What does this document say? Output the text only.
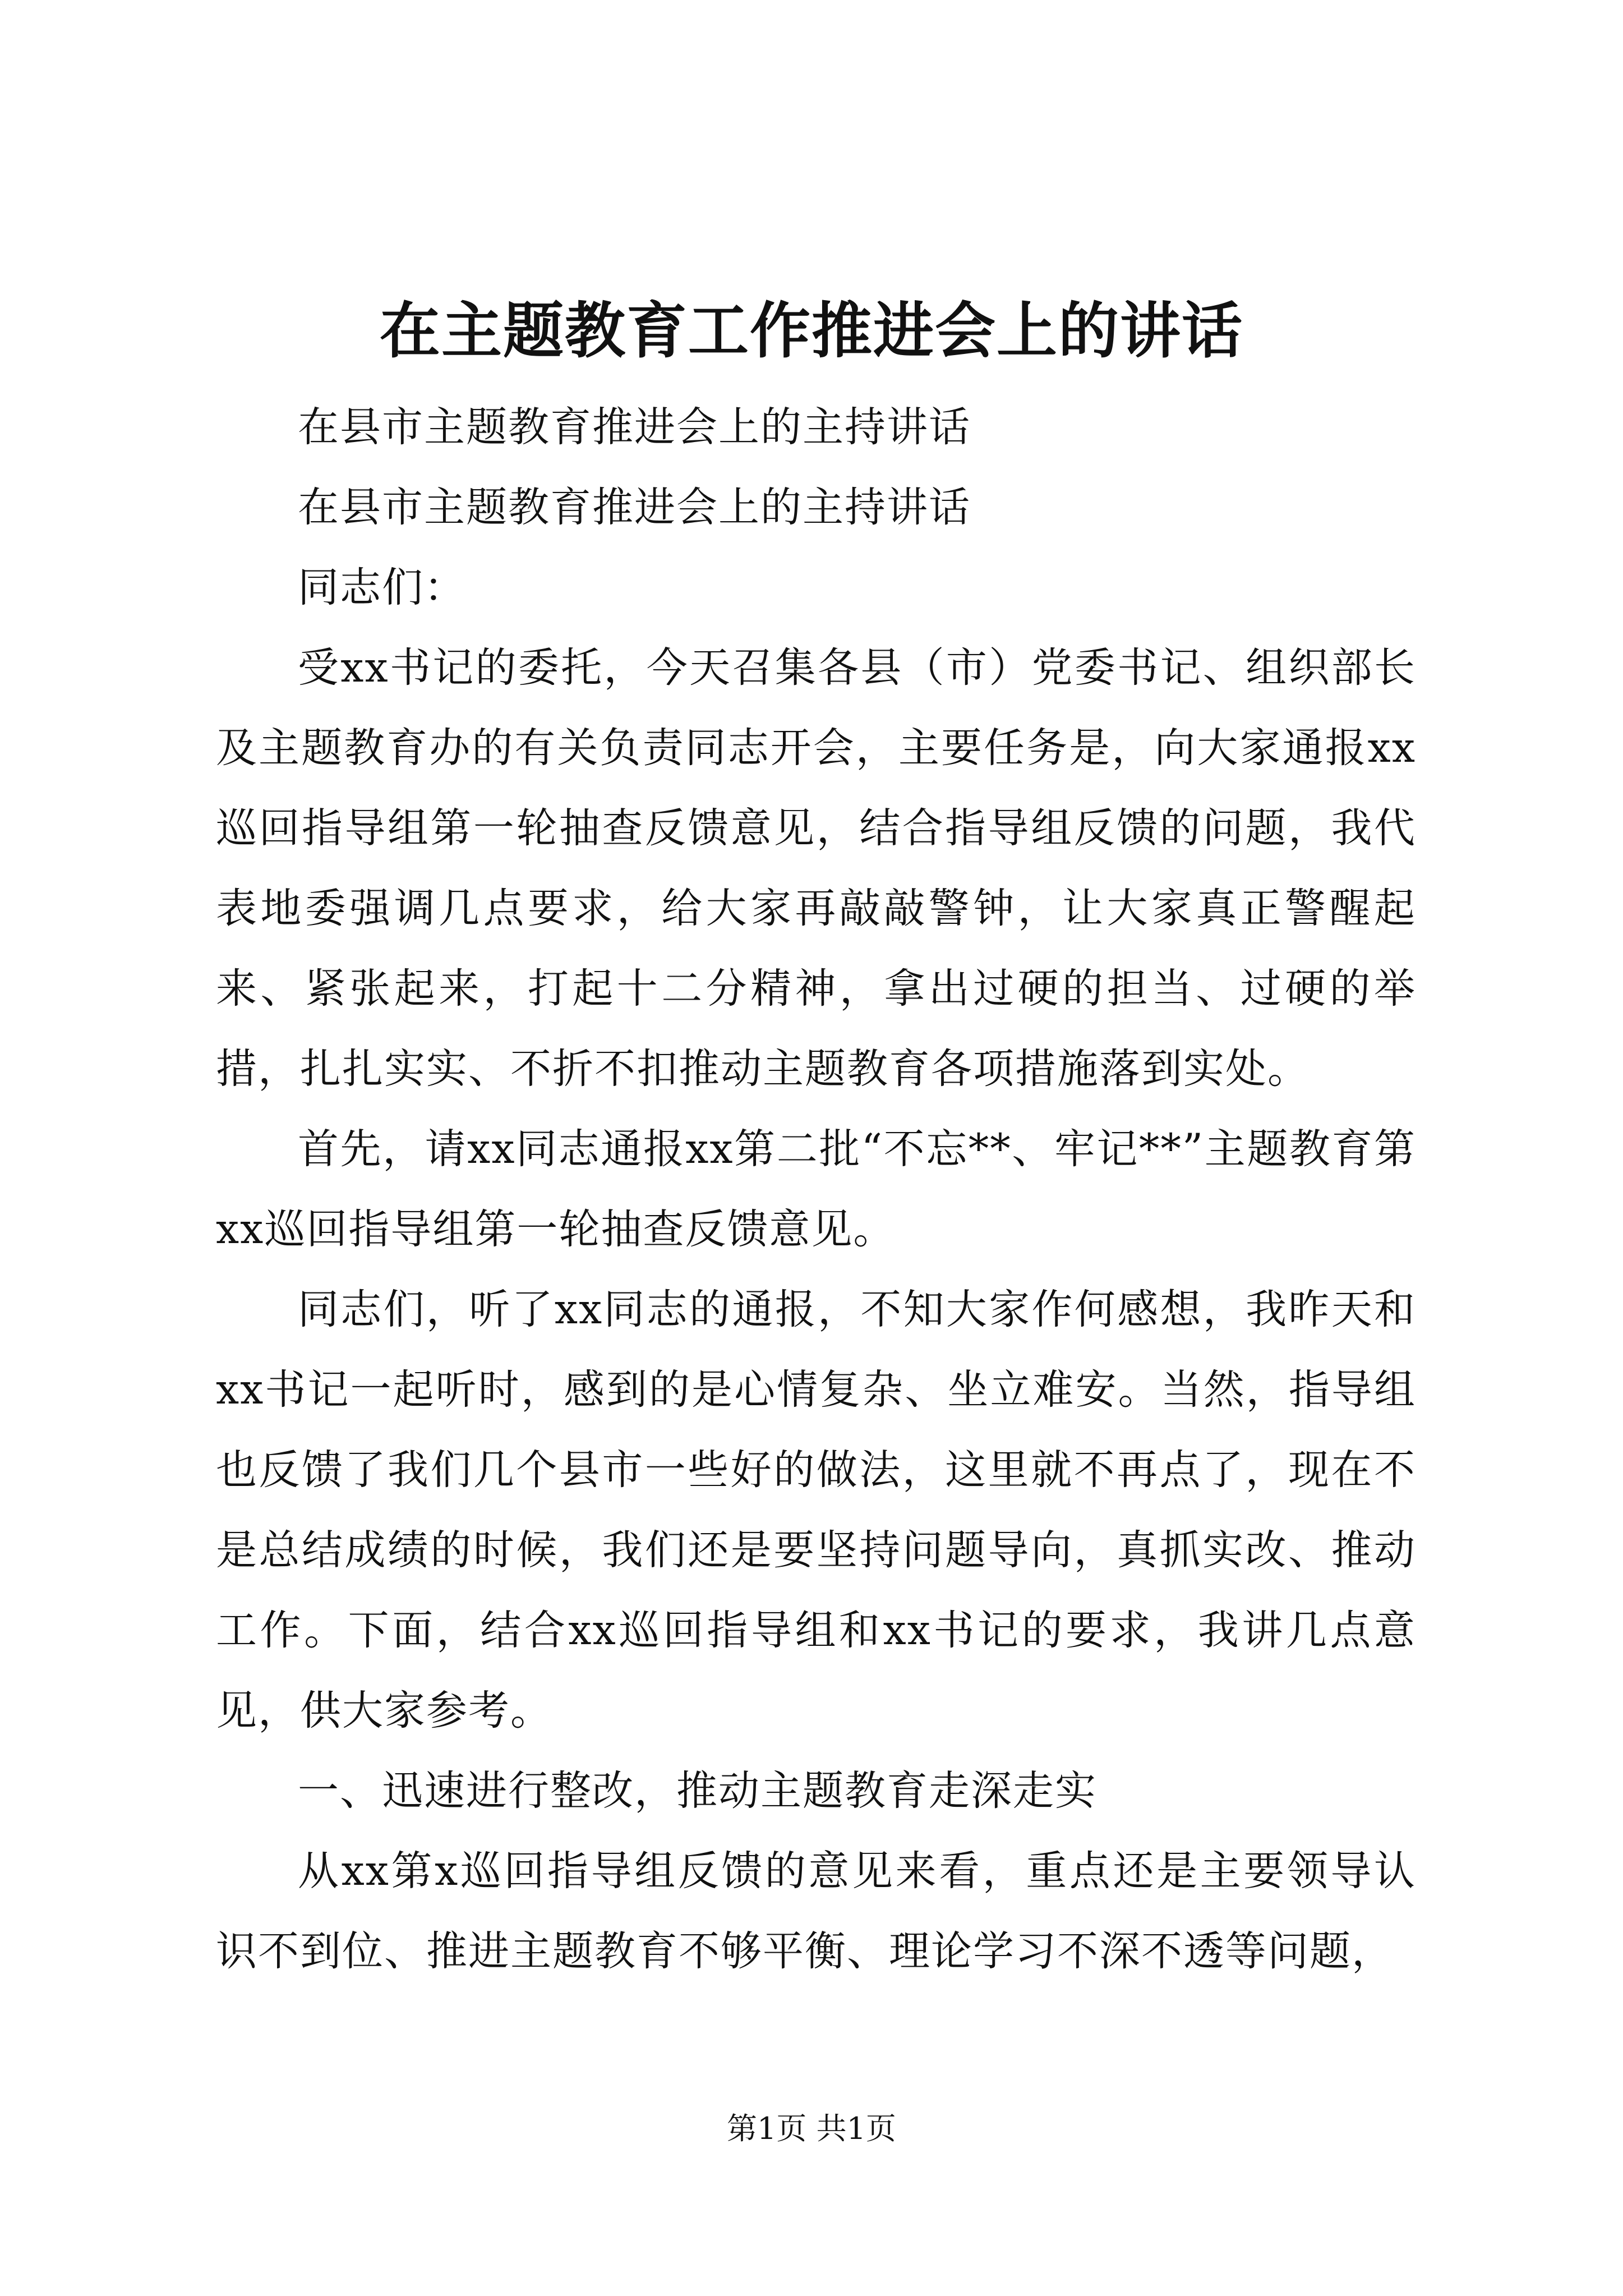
在主题教育工作推进会上的讲话

在县市主题教育推进会上的主持讲话

在县市主题教育推进会上的主持讲话

同志们：

受xx书记的委托，今天召集各县（市）党委书记、组织部长及主题教育办的有关负责同志开会，主要任务是，向大家通报xx巡回指导组第一轮抽查反馈意见，结合指导组反馈的问题，我代表地委强调几点要求，给大家再敲敲警钟，让大家真正警醒起来、紧张起来，打起十二分精神，拿出过硬的担当、过硬的举措，扎扎实实、不折不扣推动主题教育各项措施落到实处。

首先，请xx同志通报xx第二批“不忘**、牢记**”主题教育第xx巡回指导组第一轮抽查反馈意见。

同志们，听了xx同志的通报，不知大家作何感想，我昨天和xx书记一起听时，感到的是心情复杂、坐立难安。当然，指导组也反馈了我们几个县市一些好的做法，这里就不再点了，现在不是总结成绩的时候，我们还是要坚持问题导向，真抓实改、推动工作。下面，结合xx巡回指导组和xx书记的要求，我讲几点意见，供大家参考。

一、迅速进行整改，推动主题教育走深走实

从xx第x巡回指导组反馈的意见来看，重点还是主要领导认识不到位、推进主题教育不够平衡、理论学习不深不透等问题，

第1页 共1页
